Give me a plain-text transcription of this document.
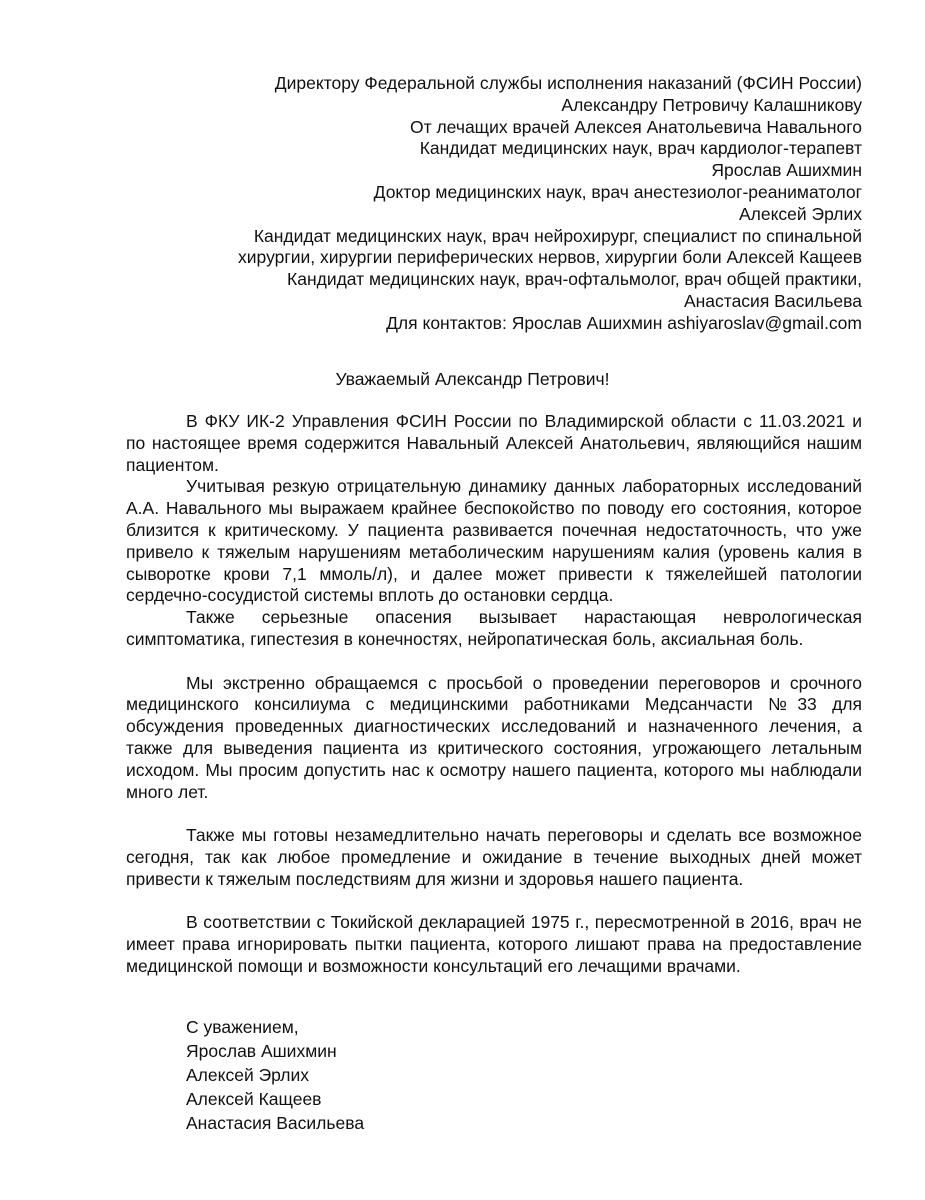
Директору Федеральной службы исполнения наказаний (ФСИН России)
Александру Петровичу Калашникову
От лечащих врачей Алексея Анатольевича Навального
Кандидат медицинских наук, врач кардиолог-терапевт
Ярослав Ашихмин
Доктор медицинских наук, врач анестезиолог-реаниматолог
Алексей Эрлих
Кандидат медицинских наук, врач нейрохирург, специалист по спинальной
хирургии, хирургии периферических нервов, хирургии боли Алексей Кащеев
Кандидат медицинских наук, врач-офтальмолог, врач общей практики,
Анастасия Васильева
Для контактов: Ярослав Ашихмин ashiyaroslav@gmail.com
Уважаемый Александр Петрович!

В ФКУ ИК-2 Управления ФСИН России по Владимирской области с 11.03.2021 и по настоящее время содержится Навальный Алексей Анатольевич, являющийся нашим пациентом.

Учитывая резкую отрицательную динамику данных лабораторных исследований А.А. Навального мы выражаем крайнее беспокойство по поводу его состояния, которое близится к критическому. У пациента развивается почечная недостаточность, что уже привело к тяжелым нарушениям метаболическим нарушениям калия (уровень калия в сыворотке крови 7,1 ммоль/л), и далее может привести к тяжелейшей патологии сердечно-сосудистой системы вплоть до остановки сердца.

Также серьезные опасения вызывает нарастающая неврологическая симптоматика, гипестезия в конечностях, нейропатическая боль, аксиальная боль.

Мы экстренно обращаемся с просьбой о проведении переговоров и срочного медицинского консилиума с медицинскими работниками Медсанчасти №33 для обсуждения проведенных диагностических исследований и назначенного лечения, а также для выведения пациента из критического состояния, угрожающего летальным исходом. Мы просим допустить нас к осмотру нашего пациента, которого мы наблюдали много лет.

Также мы готовы незамедлительно начать переговоры и сделать все возможное сегодня, так как любое промедление и ожидание в течение выходных дней может привести к тяжелым последствиям для жизни и здоровья нашего пациента.

В соответствии с Токийской декларацией 1975 г., пересмотренной в 2016, врач не имеет права игнорировать пытки пациента, которого лишают права на предоставление медицинской помощи и возможности консультаций его лечащими врачами.

С уважением,
Ярослав Ашихмин
Алексей Эрлих
Алексей Кащеев
Анастасия Васильева
